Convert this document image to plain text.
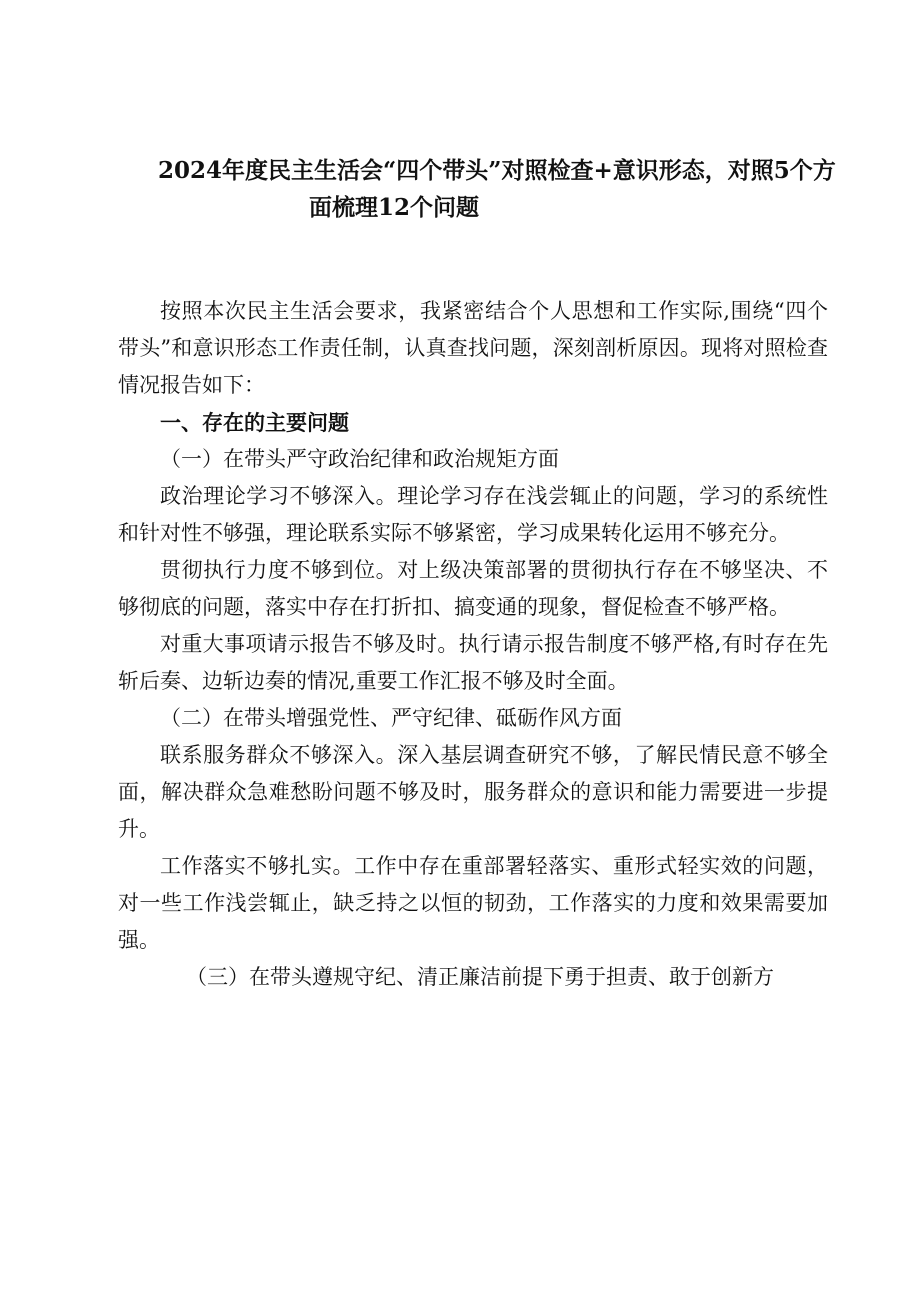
2024年度民主生活会“四个带头”对照检查+意识形态，对照5个方
面梳理12个问题

按照本次民主生活会要求，我紧密结合个人思想和工作实际,围绕“四个带头”和意识形态工作责任制，认真查找问题，深刻剖析原因。现将对照检查情况报告如下：

一、存在的主要问题

（一）在带头严守政治纪律和政治规矩方面

政治理论学习不够深入。理论学习存在浅尝辄止的问题，学习的系统性和针对性不够强，理论联系实际不够紧密，学习成果转化运用不够充分。

贯彻执行力度不够到位。对上级决策部署的贯彻执行存在不够坚决、不够彻底的问题，落实中存在打折扣、搞变通的现象，督促检查不够严格。

对重大事项请示报告不够及时。执行请示报告制度不够严格,有时存在先斩后奏、边斩边奏的情况,重要工作汇报不够及时全面。

（二）在带头增强党性、严守纪律、砥砺作风方面

联系服务群众不够深入。深入基层调查研究不够，了解民情民意不够全面，解决群众急难愁盼问题不够及时，服务群众的意识和能力需要进一步提升。

工作落实不够扎实。工作中存在重部署轻落实、重形式轻实效的问题，对一些工作浅尝辄止，缺乏持之以恒的韧劲，工作落实的力度和效果需要加强。

（三）在带头遵规守纪、清正廉洁前提下勇于担责、敢于创新方
